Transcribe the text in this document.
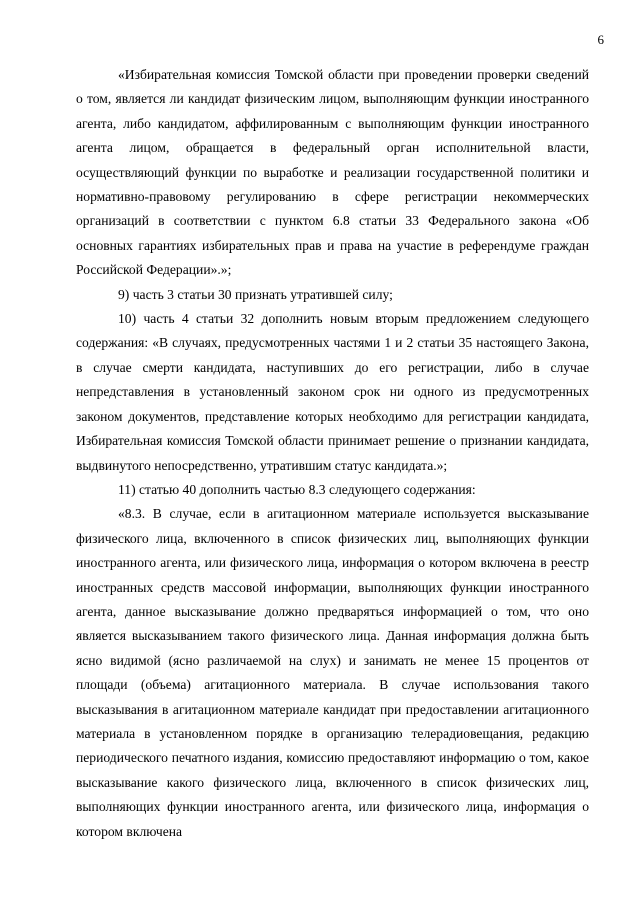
6

«Избирательная комиссия Томской области при проведении проверки сведений о том, является ли кандидат физическим лицом, выполняющим функции иностранного агента, либо кандидатом, аффилированным с выполняющим функции иностранного агента лицом, обращается в федеральный орган исполнительной власти, осуществляющий функции по выработке и реализации государственной политики и нормативно-правовому регулированию в сфере регистрации некоммерческих организаций в соответствии с пунктом 6.8 статьи 33 Федерального закона «Об основных гарантиях избирательных прав и права на участие в референдуме граждан Российской Федерации».»;

9) часть 3 статьи 30 признать утратившей силу;

10) часть 4 статьи 32 дополнить новым вторым предложением следующего содержания: «В случаях, предусмотренных частями 1 и 2 статьи 35 настоящего Закона, в случае смерти кандидата, наступивших до его регистрации, либо в случае непредставления в установленный законом срок ни одного из предусмотренных законом документов, представление которых необходимо для регистрации кандидата, Избирательная комиссия Томской области принимает решение о признании кандидата, выдвинутого непосредственно, утратившим статус кандидата.»;

11) статью 40 дополнить частью 8.3 следующего содержания:

«8.3. В случае, если в агитационном материале используется высказывание физического лица, включенного в список физических лиц, выполняющих функции иностранного агента, или физического лица, информация о котором включена в реестр иностранных средств массовой информации, выполняющих функции иностранного агента, данное высказывание должно предваряться информацией о том, что оно является высказыванием такого физического лица. Данная информация должна быть ясно видимой (ясно различаемой на слух) и занимать не менее 15 процентов от площади (объема) агитационного материала. В случае использования такого высказывания в агитационном материале кандидат при предоставлении агитационного материала в установленном порядке в организацию телерадиовещания, редакцию периодического печатного издания, комиссию предоставляют информацию о том, какое высказывание какого физического лица, включенного в список физических лиц, выполняющих функции иностранного агента, или физического лица, информация о котором включена
